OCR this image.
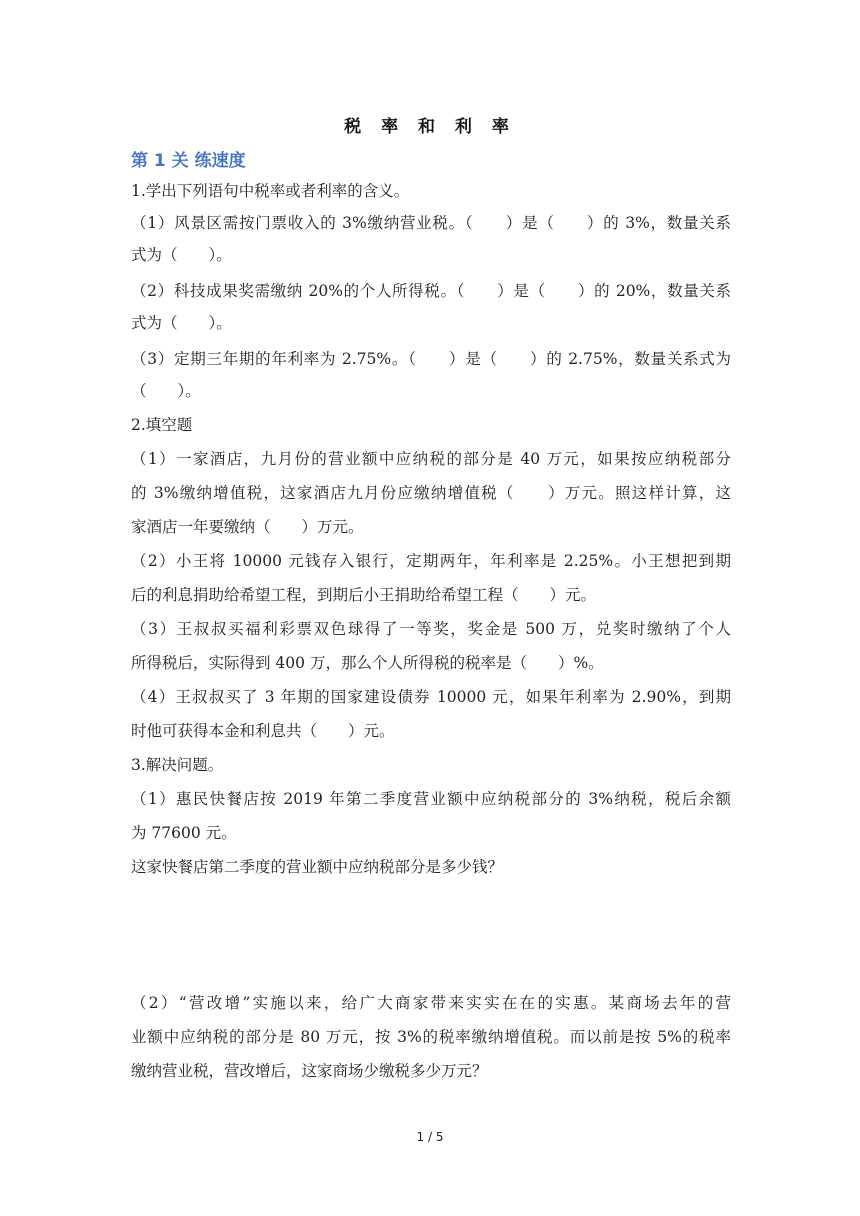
税 率 和 利 率
第 1 关 练速度
1.学出下列语句中税率或者利率的含义。
（1）风景区需按门票收入的 3%缴纳营业税。（　　）是（　　）的 3%，数量关系
式为（　　）。
（2）科技成果奖需缴纳 20%的个人所得税。（　　）是（　　）的 20%，数量关系
式为（　　）。
（3）定期三年期的年利率为 2.75%。（　　）是（　　）的 2.75%，数量关系式为
（　　）。
2.填空题
（1）一家酒店，九月份的营业额中应纳税的部分是 40 万元，如果按应纳税部分
的 3%缴纳增值税，这家酒店九月份应缴纳增值税（　　）万元。照这样计算，这
家酒店一年要缴纳（　　）万元。
（2）小王将 10000 元钱存入银行，定期两年，年利率是 2.25%。小王想把到期
后的利息捐助给希望工程，到期后小王捐助给希望工程（　　）元。
（3）王叔叔买福利彩票双色球得了一等奖，奖金是 500 万，兑奖时缴纳了个人
所得税后，实际得到 400 万，那么个人所得税的税率是（　　）%。
（4）王叔叔买了 3 年期的国家建设债券 10000 元，如果年利率为 2.90%，到期
时他可获得本金和利息共（　　）元。
3.解决问题。
（1）惠民快餐店按 2019 年第二季度营业额中应纳税部分的 3%纳税，税后余额
为 77600 元。
这家快餐店第二季度的营业额中应纳税部分是多少钱？
（2）“营改增”实施以来，给广大商家带来实实在在的实惠。某商场去年的营
业额中应纳税的部分是 80 万元，按 3%的税率缴纳增值税。而以前是按 5%的税率
缴纳营业税，营改增后，这家商场少缴税多少万元？
1 / 5
